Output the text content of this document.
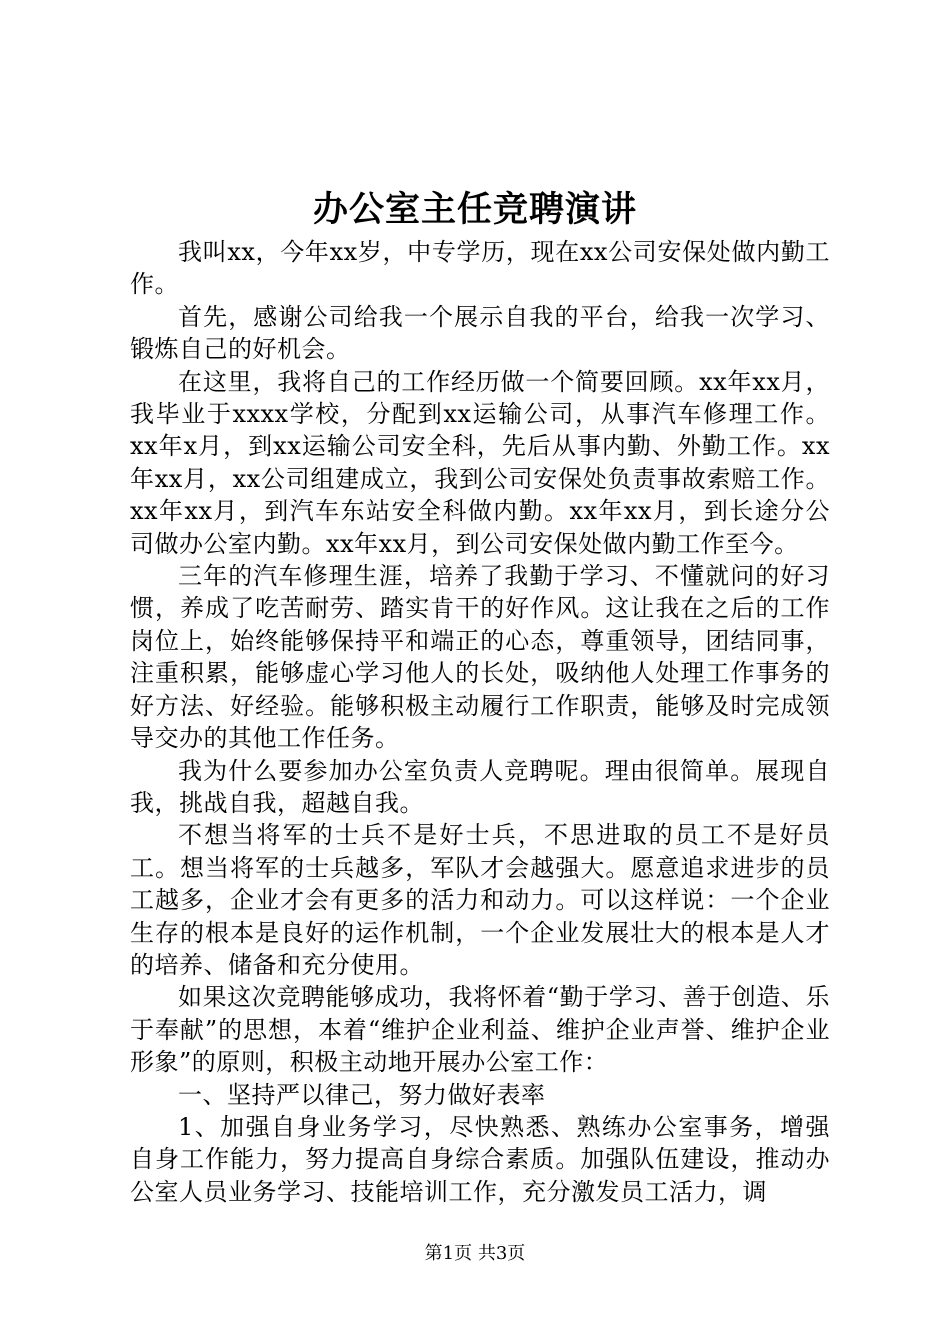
办公室主任竞聘演讲

我叫xx，今年xx岁，中专学历，现在xx公司安保处做内勤工作。

首先，感谢公司给我一个展示自我的平台，给我一次学习、锻炼自己的好机会。

在这里，我将自己的工作经历做一个简要回顾。xx年xx月，我毕业于xxxx学校，分配到xx运输公司，从事汽车修理工作。xx年x月，到xx运输公司安全科，先后从事内勤、外勤工作。xx年xx月，xx公司组建成立，我到公司安保处负责事故索赔工作。xx年xx月，到汽车东站安全科做内勤。xx年xx月，到长途分公司做办公室内勤。xx年xx月，到公司安保处做内勤工作至今。

三年的汽车修理生涯，培养了我勤于学习、不懂就问的好习惯，养成了吃苦耐劳、踏实肯干的好作风。这让我在之后的工作岗位上，始终能够保持平和端正的心态，尊重领导，团结同事，注重积累，能够虚心学习他人的长处，吸纳他人处理工作事务的好方法、好经验。能够积极主动履行工作职责，能够及时完成领导交办的其他工作任务。

我为什么要参加办公室负责人竞聘呢。理由很简单。展现自我，挑战自我，超越自我。

不想当将军的士兵不是好士兵，不思进取的员工不是好员工。想当将军的士兵越多，军队才会越强大。愿意追求进步的员工越多，企业才会有更多的活力和动力。可以这样说：一个企业生存的根本是良好的运作机制，一个企业发展壮大的根本是人才的培养、储备和充分使用。

如果这次竞聘能够成功，我将怀着“勤于学习、善于创造、乐于奉献”的思想，本着“维护企业利益、维护企业声誉、维护企业形象”的原则，积极主动地开展办公室工作：

一、坚持严以律己，努力做好表率

1、加强自身业务学习，尽快熟悉、熟练办公室事务，增强自身工作能力，努力提高自身综合素质。加强队伍建设，推动办公室人员业务学习、技能培训工作，充分激发员工活力，调

第1页 共3页
